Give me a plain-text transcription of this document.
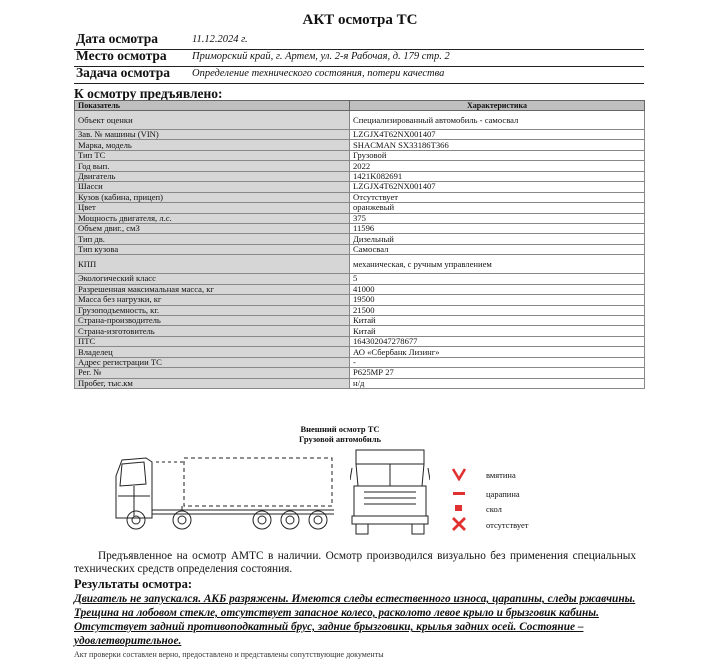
АКТ осмотра ТС
Дата осмотра	11.12.2024 г.
Место осмотра Приморский край, г. Артем, ул. 2-я Рабочая, д. 179 стр. 2
Задача осмотра Определение технического состояния, потери качества
К осмотру предъявлено:
Показатель	Характеристика
Объект оценки	Специализированный автомобиль - самосвал
Зав. № машины (VIN)	LZGJX4T62NX001407
Марка, модель	SHACMAN SX33186T366
Тип ТС	Грузовой
Год вып.	2022
Двигатель	1421K082691
Шасси	LZGJX4T62NX001407
Кузов (кабина, прицеп)	Отсутствует
Цвет	оранжевый
Мощность двигателя, л.с.	375
Объем двиг., смЗ	11596
Тип дв.	Дизельный
Тип кузова	Самосвал
КПП	механическая, с ручным управлением
Экологический класс	5
Разрешенная максимальная масса, кг	41000
Масса без нагрузки, кг	19500
Грузоподъемность, кг.	21500
Страна-производитель	Китай
Страна-изготовитель	Китай
ПТС	164302047278677
Владелец	АО «Сбербанк Лизинг»
Адрес регистрации ТС	-
Рег. №	Р625МР 27
Пробег, тыс.км	н/д
Внешний осмотр ТС
Грузовой автомобиль
вмятина
царапина
скол
отсутствует
Предъявленное на осмотр АМТС в наличии. Осмотр производился визуально без применения специальных технических средств определения состояния.
Результаты осмотра:
Двигатель не запускался. АКБ разряжены. Имеются следы естественного износа, царапины, следы ржавчины. Трещина на лобовом стекле, отсутствует запасное колесо, расколото левое крыло и брызговик кабины. Отсутствует задний противоподкатный брус, задние брызговики, крылья задних осей. Состояние – удовлетворительное.
Акт проверки составлен верно, предоставлено и представлены сопутствующие документы
